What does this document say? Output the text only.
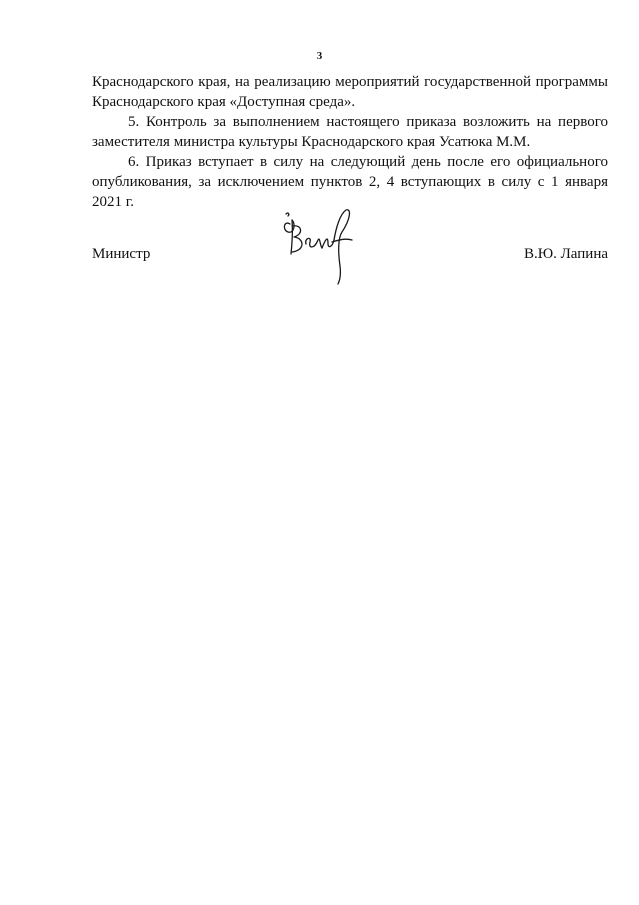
3

Краснодарского края, на реализацию мероприятий государственной программы Краснодарского края «Доступная среда».

5. Контроль за выполнением настоящего приказа возложить на первого заместителя министра культуры Краснодарского края Усатюка М.М.

6. Приказ вступает в силу на следующий день после его официального опубликования, за исключением пунктов 2, 4 вступающих в силу с 1 января 2021 г.

Министр	В.Ю. Лапина
